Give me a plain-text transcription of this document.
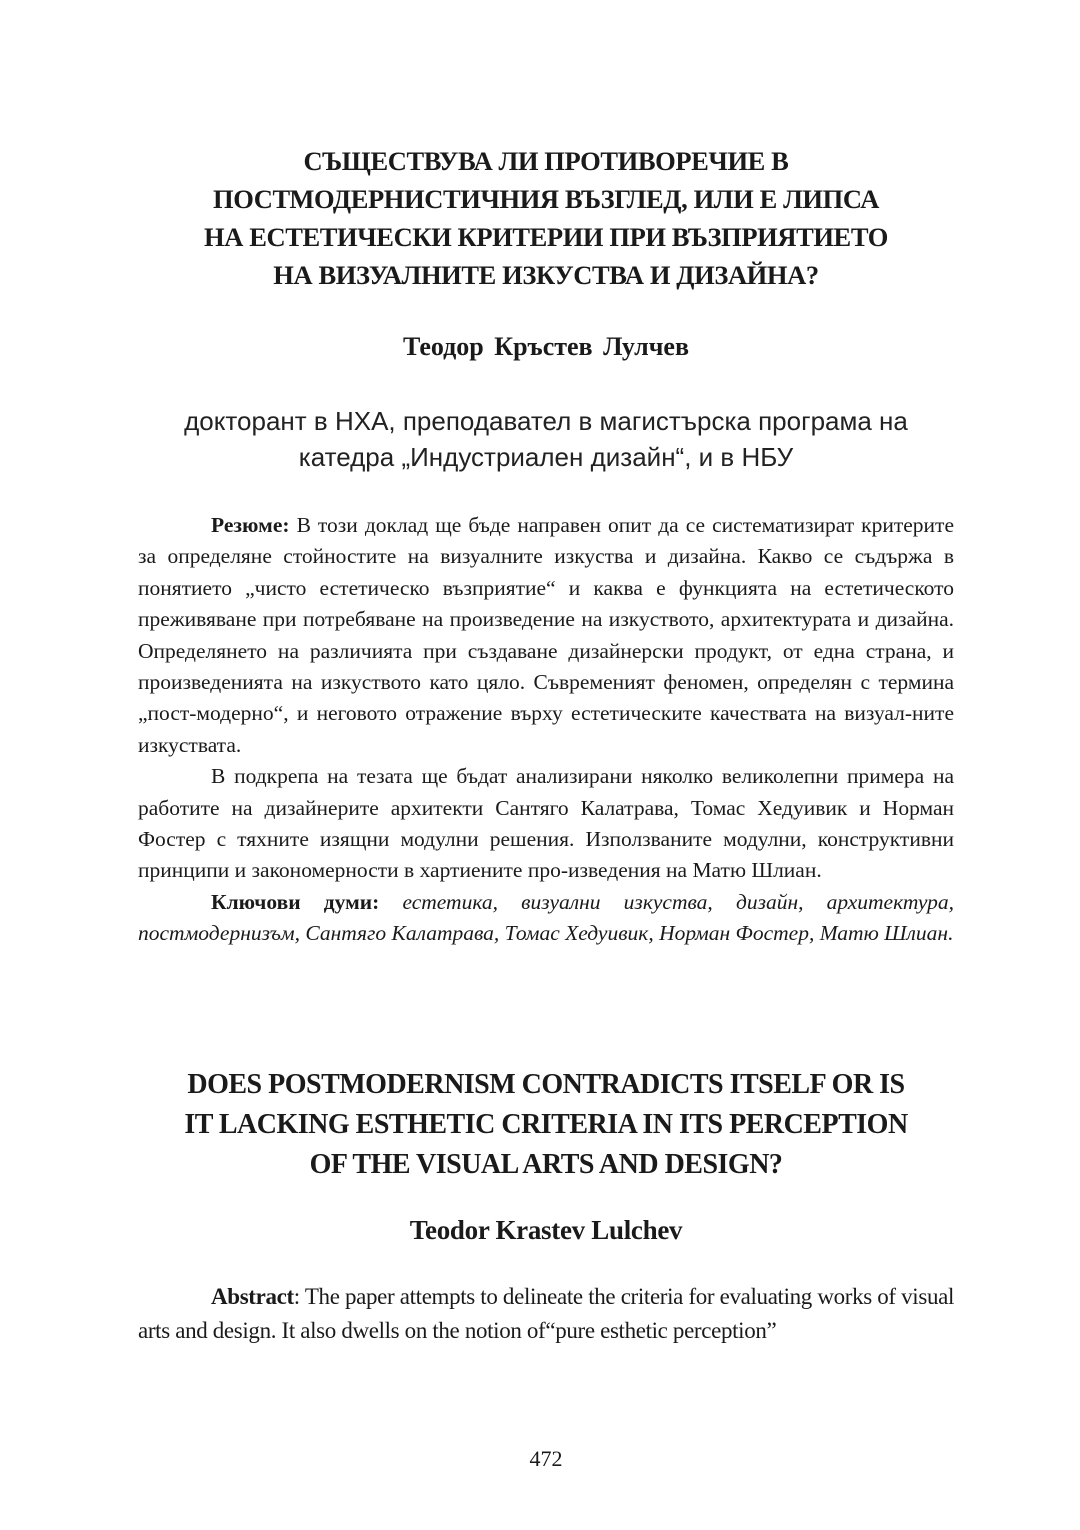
СЪЩЕСТВУВА ЛИ ПРОТИВОРЕЧИЕ В
ПОСТМОДЕРНИСТИЧНИЯ ВЪЗГЛЕД, ИЛИ Е ЛИПСА
НА ЕСТЕТИЧЕСКИ КРИТЕРИИ ПРИ ВЪЗПРИЯТИЕТО
НА ВИЗУАЛНИТЕ ИЗКУСТВА И ДИЗАЙНА?
Теодор Кръстев Лулчев
докторант в НХА, преподавател в магистърска програма на
катедра „Индустриален дизайн“, и в НБУ

Резюме: В този доклад ще бъде направен опит да се систематизират критерите за определяне стойностите на визуалните изкуства и дизайна. Какво се съдържа в понятието „чисто естетическо възприятие“ и каква е функцията на естетическото преживяване при потребяване на произведение на изкуството, архитектурата и дизайна. Определянето на различията при създаване дизайнерски продукт, от една страна, и произведенията на изкуството като цяло. Съвременият феномен, определян с термина „пост-модерно“, и неговото отражение върху естетическите качествата на визуал-ните изкуствата.

В подкрепа на тезата ще бъдат анализирани няколко великолепни примера на работите на дизайнерите архитекти Сантяго Калатрава, Томас Хедуивик и Норман Фостер с тяхните изящни модулни решения. Използваните модулни, конструктивни принципи и закономерности в хартиените про-изведения на Матю Шлиан.

Ключови думи: естетика, визуални изкуства, дизайн, архитектура, постмодернизъм, Сантяго Калатрава, Томас Хедуивик, Норман Фостер, Матю Шлиан.

DOES POSTMODERNISM CONTRADICTS ITSELF OR IS
IT LACKING ESTHETIC CRITERIA IN ITS PERCEPTION
OF THE VISUAL ARTS AND DESIGN?
Teodor Krastev Lulchev

Abstract: The paper attempts to delineate the criteria for evaluating works of visual arts and design. It also dwells on the notion of“pure esthetic perception”

472
